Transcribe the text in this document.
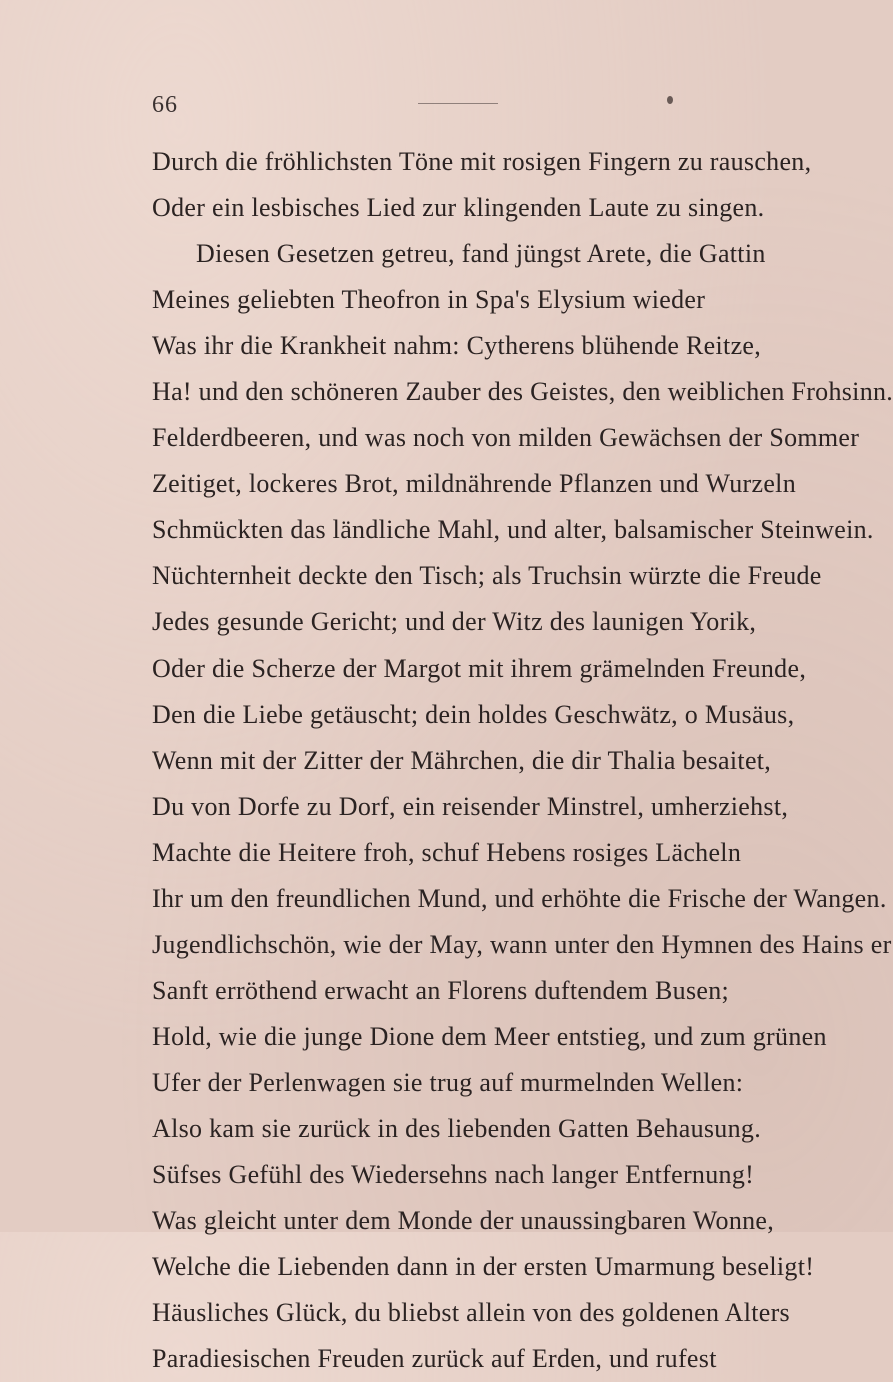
66
Durch die fröhlichsten Töne mit rosigen Fingern zu rauschen,
Oder ein lesbisches Lied zur klingenden Laute zu singen.
Diesen Gesetzen getreu, fand jüngst Arete, die Gattin
Meines geliebten Theofron in Spa's Elysium wieder
Was ihr die Krankheit nahm: Cytherens blühende Reitze,
Ha! und den schöneren Zauber des Geistes, den weiblichen Frohsinn.
Felderdbeeren, und was noch von milden Gewächsen der Sommer
Zeitiget, lockeres Brot, mildnährende Pflanzen und Wurzeln
Schmückten das ländliche Mahl, und alter, balsamischer Steinwein.
Nüchternheit deckte den Tisch; als Truchsin würzte die Freude
Jedes gesunde Gericht; und der Witz des launigen Yorik,
Oder die Scherze der Margot mit ihrem grämelnden Freunde,
Den die Liebe getäuscht; dein holdes Geschwätz, o Musäus,
Wenn mit der Zitter der Mährchen, die dir Thalia besaitet,
Du von Dorfe zu Dorf, ein reisender Minstrel, umherziehst,
Machte die Heitere froh, schuf Hebens rosiges Lächeln
Ihr um den freundlichen Mund, und erhöhte die Frische der Wangen.
Jugendlichschön, wie der May, wann unter den Hymnen des Hains er
Sanft erröthend erwacht an Florens duftendem Busen;
Hold, wie die junge Dione dem Meer entstieg, und zum grünen
Ufer der Perlenwagen sie trug auf murmelnden Wellen:
Also kam sie zurück in des liebenden Gatten Behausung.
Süfses Gefühl des Wiedersehns nach langer Entfernung!
Was gleicht unter dem Monde der unaussingbaren Wonne,
Welche die Liebenden dann in der ersten Umarmung beseligt!
Häusliches Glück, du bliebst allein von des goldenen Alters
Paradiesischen Freuden zurück auf Erden, und rufest
